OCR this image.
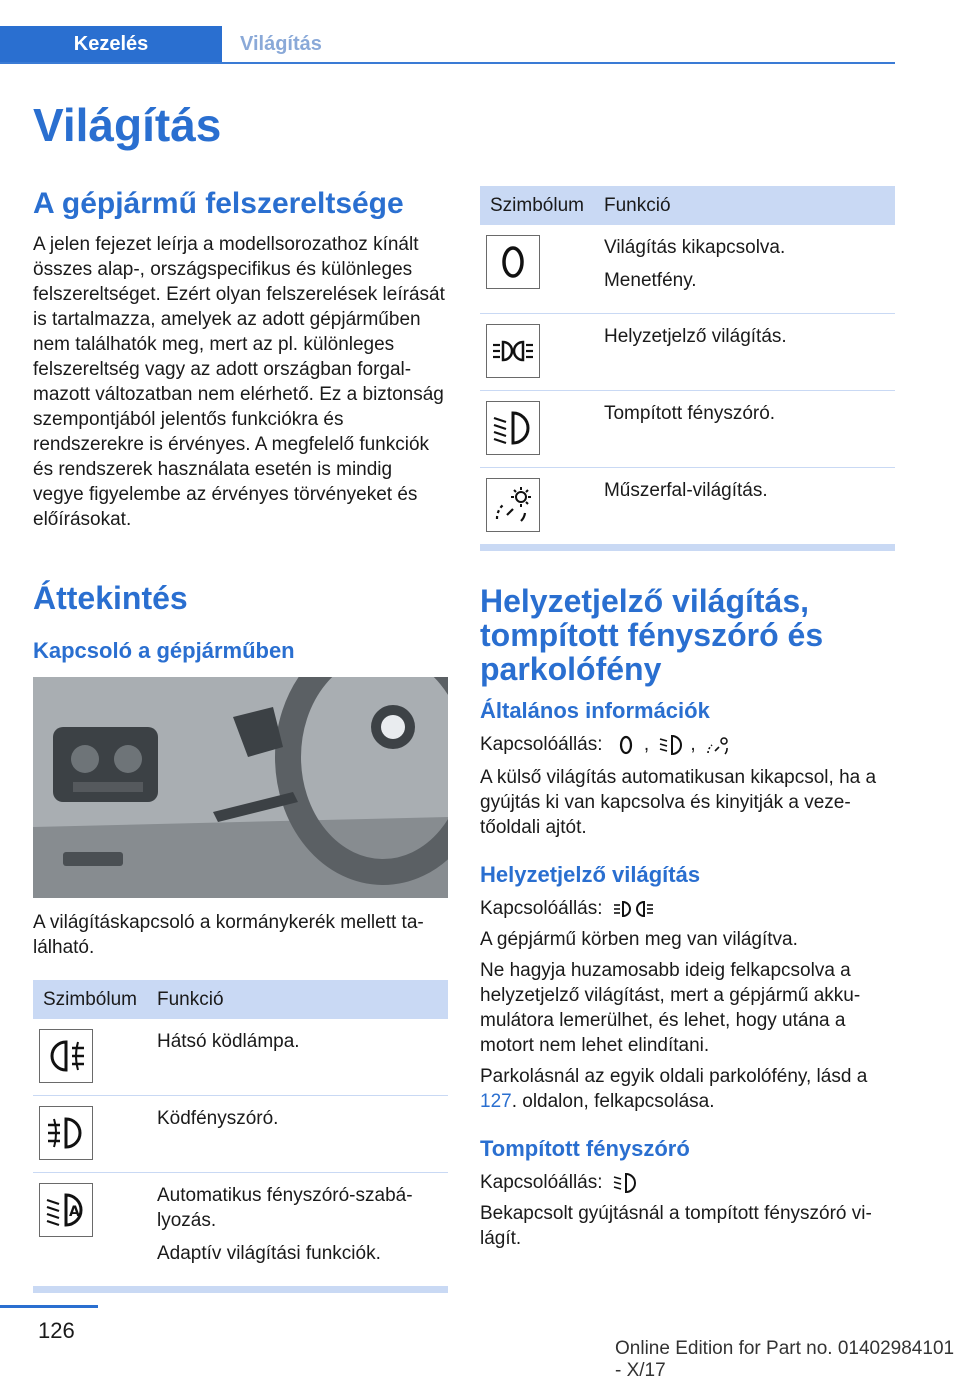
Kezelés	Világítás
Világítás
A gépjármű felszereltsége

A jelen fejezet leírja a modellsorozathoz kínált összes alap-, országspecifikus és különleges felszereltséget. Ezért olyan felszerelések leírását is tartalmazza, amelyek az adott gépjárműben nem találhatók meg, mert az pl. különleges felszereltség vagy az adott országban forgalmazott változatban nem elérhető. Ez a biztonság szempontjából jelentős funkciókra és rendszerekre is érvényes. A megfelelő funkciók és rendszerek használata esetén is mindig vegye figyelembe az érvényes törvényeket és előírásokat.

Áttekintés
Kapcsoló a gépjárműben

A világításkapcsoló a kormánykerék mellett található.

Szimbólum	Funkció

Hátsó ködlámpa.

Ködfényszóró.

A	Automatikus fényszóró-szabályozás.
Adaptív világítási funkciók.
Szimbólum	Funkció

Világítás kikapcsolva.
Menetfény.

Helyzetjelző világítás.

Tompított fényszóró.

Műszerfal-világítás.
Helyzetjelző világítás, tompított fényszóró és parkolófény
Általános információk

Kapcsolóállás: , ,

A külső világítás automatikusan kikapcsol, ha a gyújtás ki van kapcsolva és kinyitják a vezetőoldali ajtót.

Helyzetjelző világítás

Kapcsolóállás:

A gépjármű körben meg van világítva.

Ne hagyja huzamosabb ideig felkapcsolva a helyzetjelző világítást, mert a gépjármű akkumulátora lemerülhet, és lehet, hogy utána a motort nem lehet elindítani.

Parkolásnál az egyik oldali parkolófény, lásd a 127. oldalon, felkapcsolása.

Tompított fényszóró

Kapcsolóállás:

Bekapcsolt gyújtásnál a tompított fényszóró világít.

126
Online Edition for Part no. 01402984101 - X/17
